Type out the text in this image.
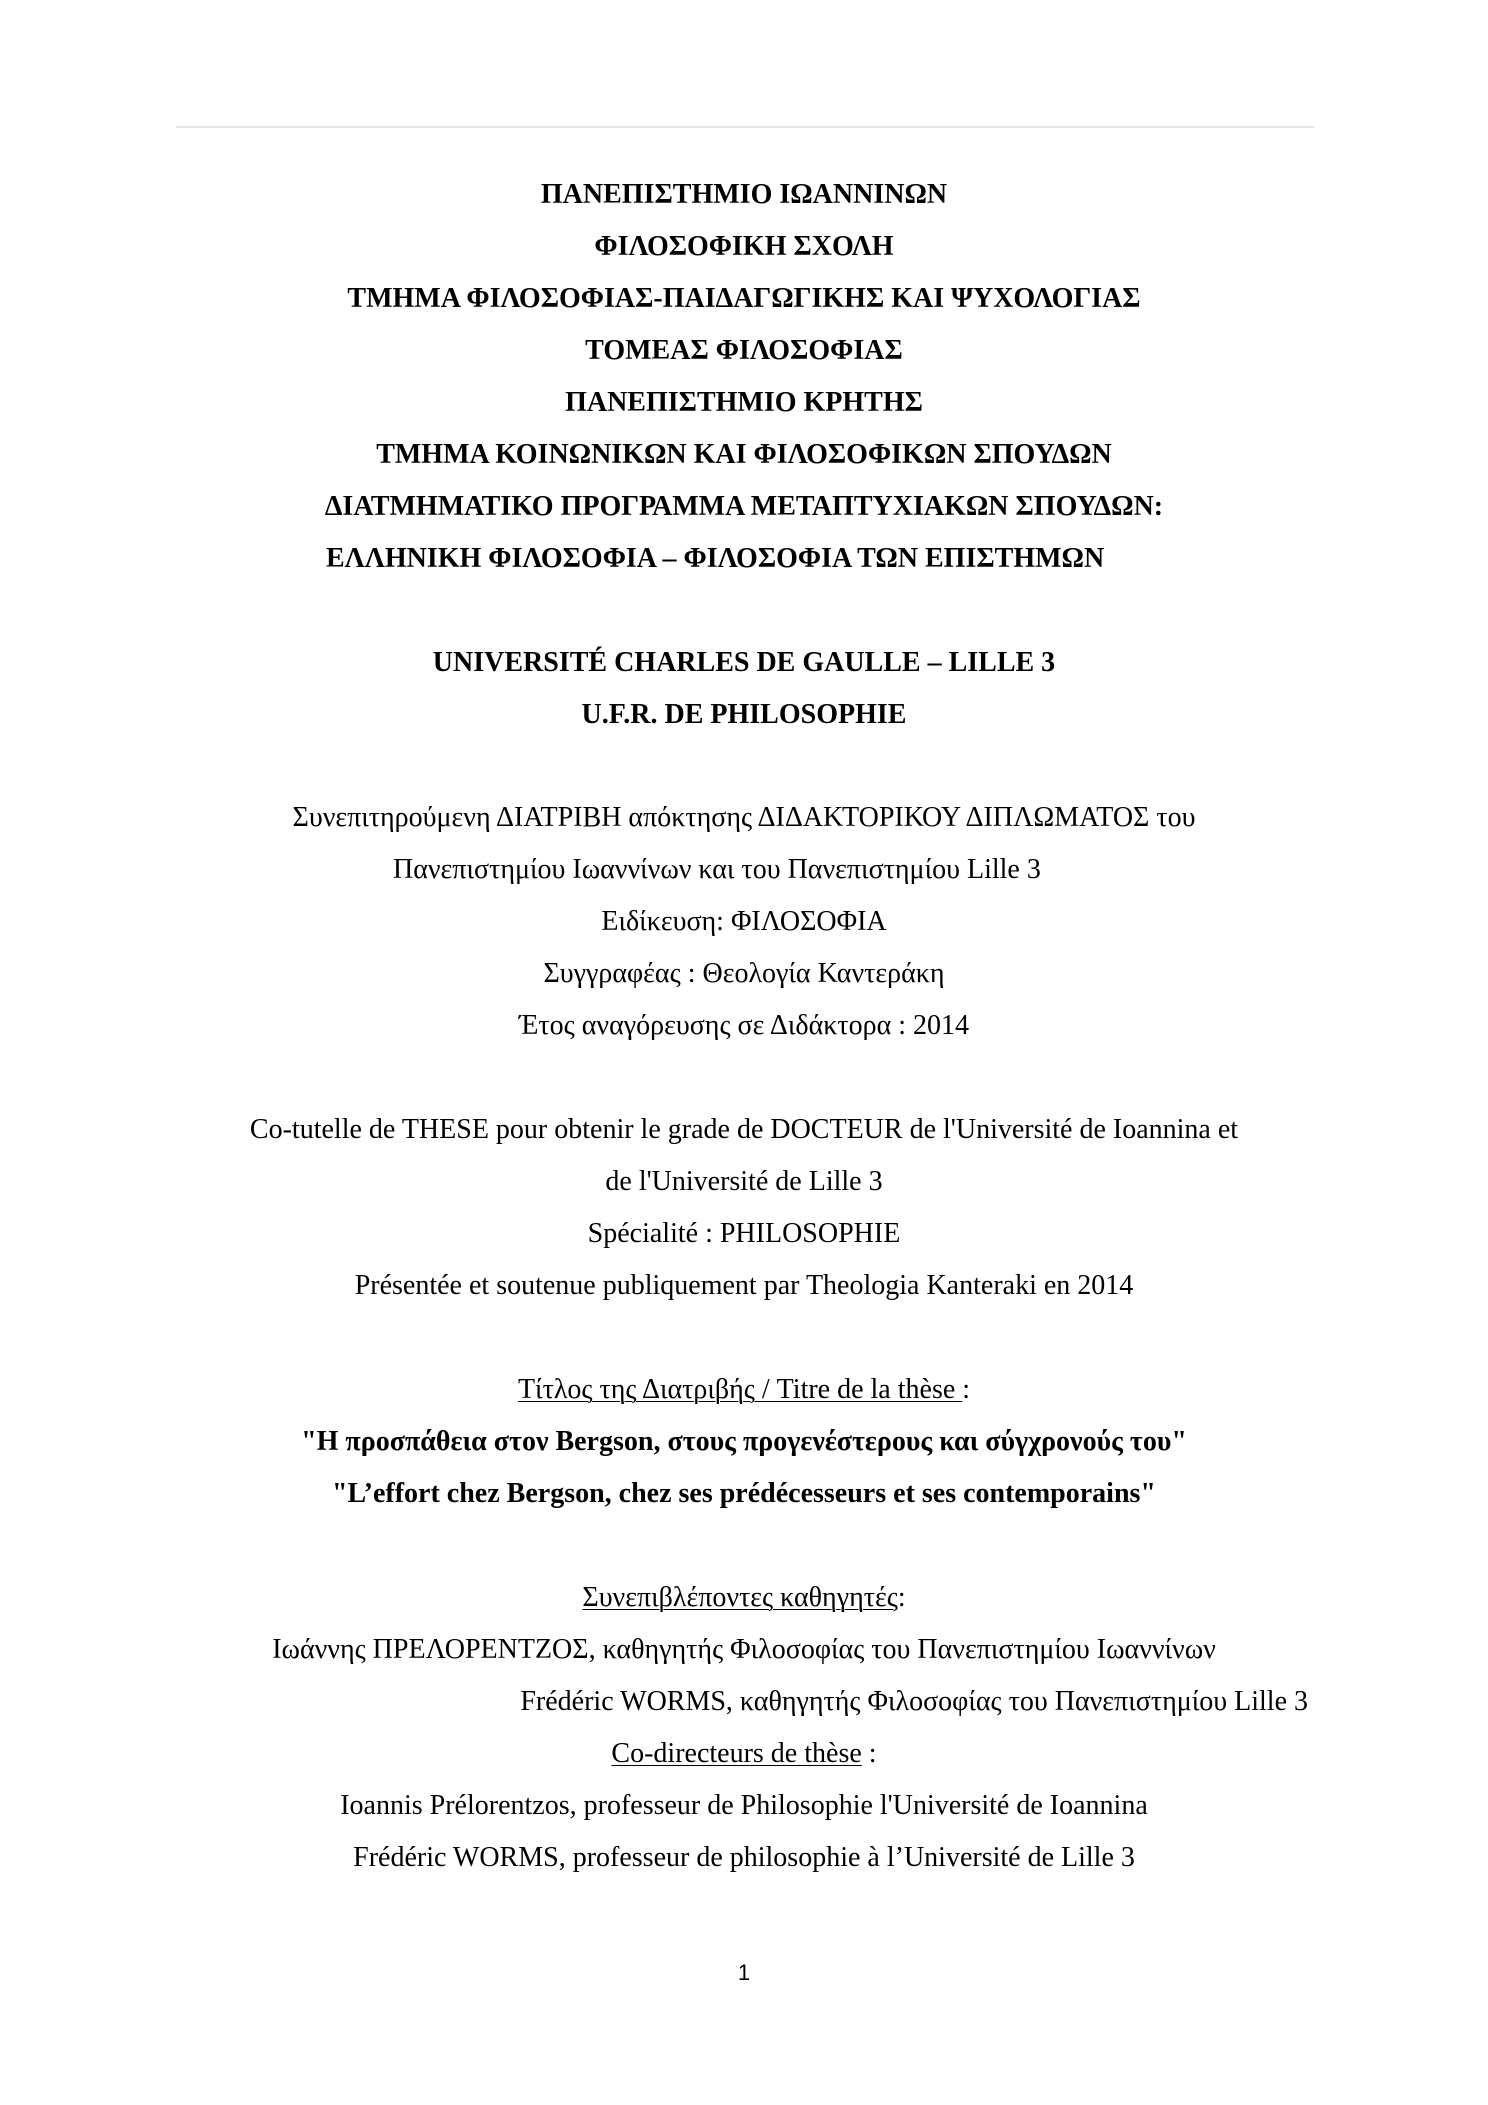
ΠΑΝΕΠΙΣΤΗΜΙΟ ΙΩΑΝΝΙΝΩΝ
ΦΙΛΟΣΟΦΙΚΗ ΣΧΟΛΗ
ΤΜΗΜΑ ΦΙΛΟΣΟΦΙΑΣ-ΠΑΙΔΑΓΩΓΙΚΗΣ ΚΑΙ ΨΥΧΟΛΟΓΙΑΣ
ΤΟΜΕΑΣ ΦΙΛΟΣΟΦΙΑΣ
ΠΑΝΕΠΙΣΤΗΜΙΟ ΚΡΗΤΗΣ
ΤΜΗΜΑ ΚΟΙΝΩΝΙΚΩΝ ΚΑΙ ΦΙΛΟΣΟΦΙΚΩΝ ΣΠΟΥΔΩΝ
ΔΙΑΤΜΗΜΑΤΙΚΟ ΠΡΟΓΡΑΜΜΑ ΜΕΤΑΠΤΥΧΙΑΚΩΝ ΣΠΟΥΔΩΝ:
ΕΛΛΗΝΙΚΗ ΦΙΛΟΣΟΦΙΑ – ΦΙΛΟΣΟΦΙΑ ΤΩΝ ΕΠΙΣΤΗΜΩΝ
UNIVERSITÉ CHARLES DE GAULLE – LILLE 3
U.F.R. DE PHILOSOPHIE
Συνεπιτηρούμενη ΔΙΑΤΡΙΒΗ απόκτησης ΔΙΔΑΚΤΟΡΙΚΟΥ ΔΙΠΛΩΜΑΤΟΣ του
Πανεπιστημίου Ιωαννίνων και του Πανεπιστημίου Lille 3
Ειδίκευση: ΦΙΛΟΣΟΦΙΑ
Συγγραφέας : Θεολογία Καντεράκη
Έτος αναγόρευσης σε Διδάκτορα : 2014
Co-tutelle de THESE pour obtenir le grade de DOCTEUR de l'Université de Ioannina et
de l'Université de Lille 3
Spécialité : PHILOSOPHIE
Présentée et soutenue publiquement par Theologia Kanteraki en 2014
Τίτλος της Διατριβής / Titre de la thèse :
"Η προσπάθεια στον Bergson, στους προγενέστερους και σύγχρονούς του"
"L’effort chez Bergson, chez ses prédécesseurs et ses contemporains"
Συνεπιβλέποντες καθηγητές:
Ιωάννης ΠΡΕΛΟΡΕΝΤΖΟΣ, καθηγητής Φιλοσοφίας του Πανεπιστημίου Ιωαννίνων
Frédéric WORMS, καθηγητής Φιλοσοφίας του Πανεπιστημίου Lille 3
Co-directeurs de thèse :
Ioannis Prélorentzos, professeur de Philosophie l'Université de Ioannina
Frédéric WORMS, professeur de philosophie à l’Université de Lille 3
1
